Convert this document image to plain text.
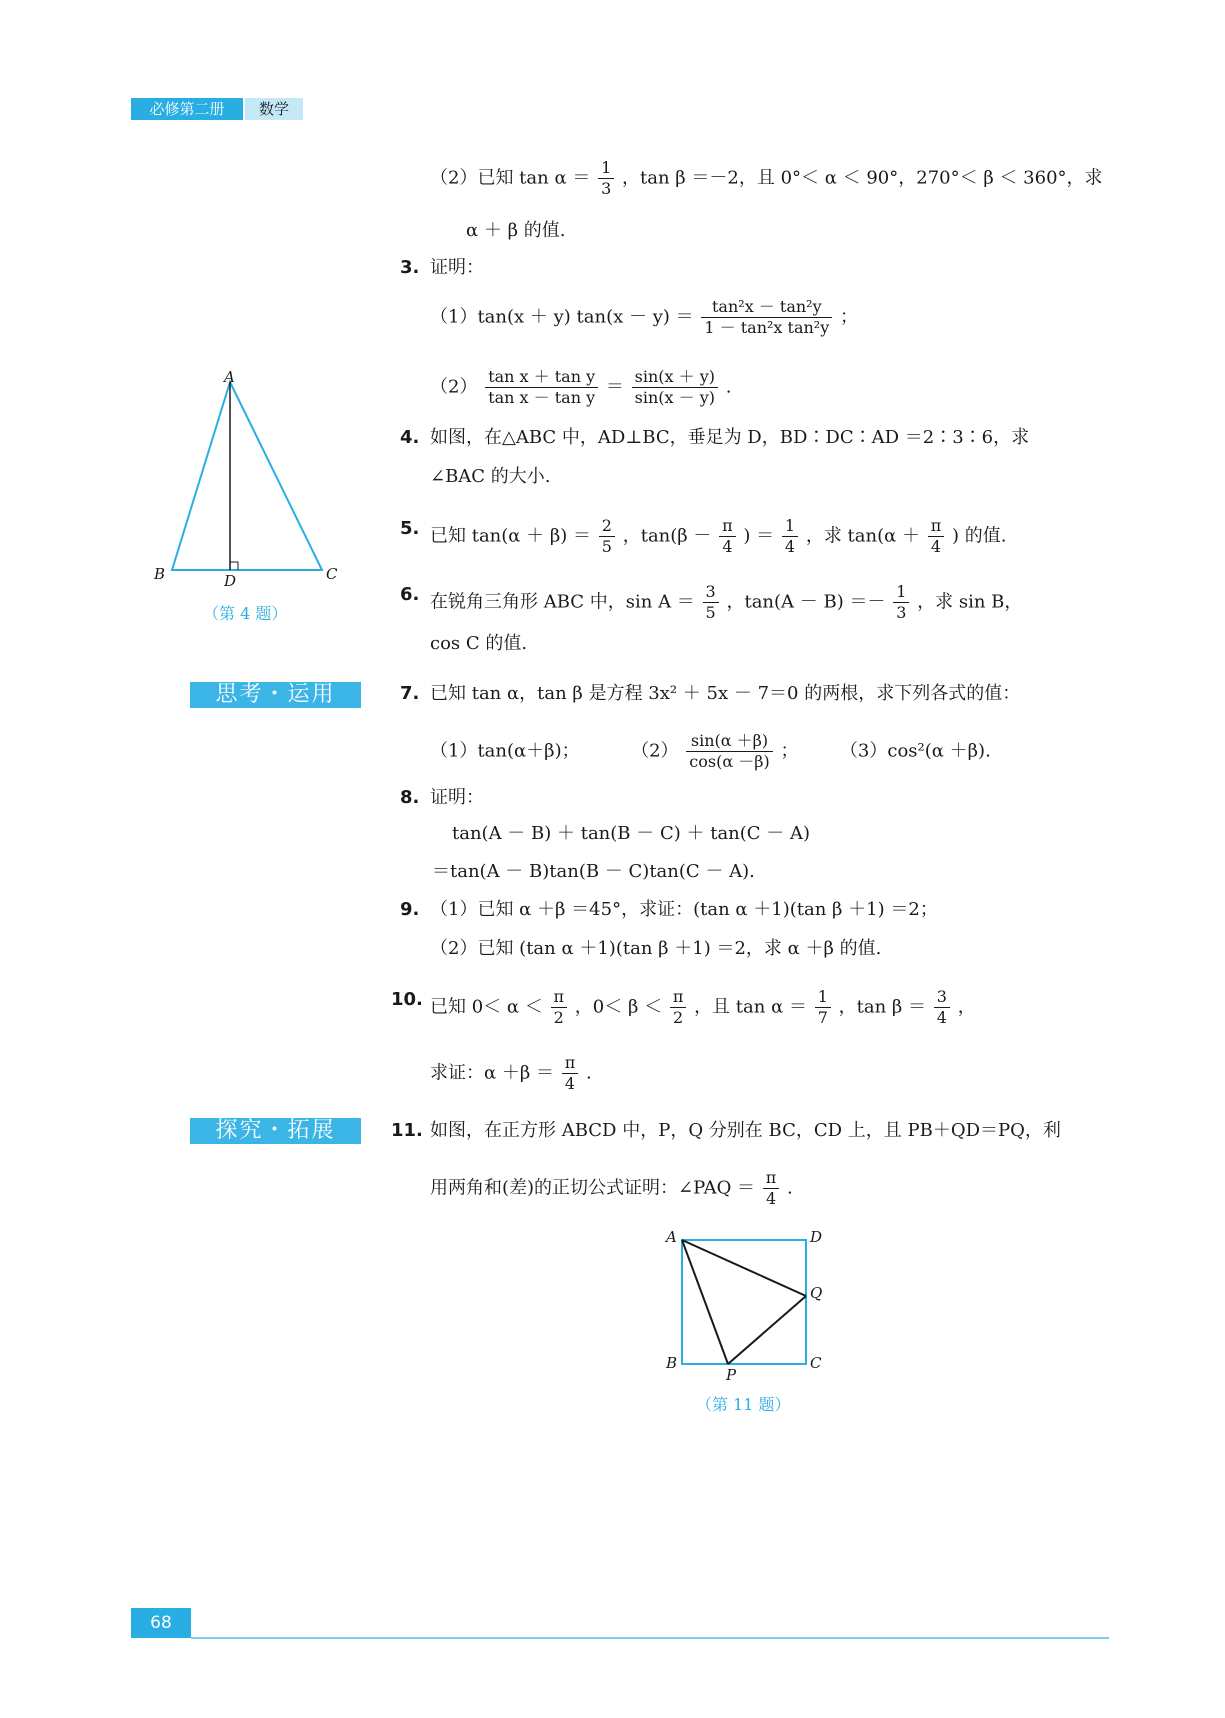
必修第二册	数学
（2）已知 $\tan \alpha = \frac{1}{3}$ ，tan β ＝－2，且 0°＜ α ＜ 90°，270°＜ β ＜ 360°，求
α ＋ β 的值.
3. 证明：
（1）tan(x ＋ y) $\tan(x - y) = \frac{\text{tan²x － tan²y}}{\text{1 － tan²x tan²y}}$ ；
$(2) \frac{\text{tan x ＋ tan y}}{\text{tan x － tan y}} = \frac{\sin(x + y)}{\sin(x - y)}$ .
4. 如图，在△ABC 中，AD⊥BC，垂足为 D，BD∶DC∶AD ＝2∶3∶6，求
∠BAC 的大小.
5. 已知 $\tan(\alpha + \beta) = \frac{2}{5}$ ，$\tan(\beta - \frac{\pi}{4}$ ) ＝ $\frac{1}{4}$ ，求 $\tan(\alpha + \frac{\pi}{4}$ ) 的值.
6. 在锐角三角形 ABC 中，$\sin A = \frac{3}{5}$ ，$\tan(A - B) =- \frac{1}{3}$ ，求 sin B，
cos C 的值.
思考・运用	7. 已知 tan α，tan β 是方程 3x² ＋ 5x － 7＝0 的两根，求下列各式的值：
（1）tan(α＋β)；	$(2) \frac{\sin(\alpha +\beta)}{\cos(\alpha -\beta)}$ ； （3）cos²(α ＋β).
8. 证明：
tan(A － B) ＋ tan(B － C) ＋ tan(C － A)
＝tan(A － B)tan(B － C)tan(C － A).
9. （1）已知 α ＋β ＝45°，求证：(tan α ＋1)(tan β ＋1) ＝2；
（2）已知 (tan α ＋1)(tan β ＋1) ＝2，求 α ＋β 的值.
10. 已知 $0< \alpha < \frac{\pi}{2}$ ，$0< \beta < \frac{\pi}{2}$ ，且 $\tan \alpha = \frac{1}{7}$ ，$\tan \beta = \frac{3}{4}$ ，
求证：$\alpha +\beta = \frac{\pi}{4}$ .
探究・拓展	11. 如图，在正方形 ABCD 中，P，Q 分别在 BC，CD 上，且 PB＋QD＝PQ，利
用两角和(差)的正切公式证明：∠PAQ ＝ $\frac{\pi}{4}$ .
A
B	C
D
（第 4 题）
A	D
Q
B	C
P
（第 11 题）
68
